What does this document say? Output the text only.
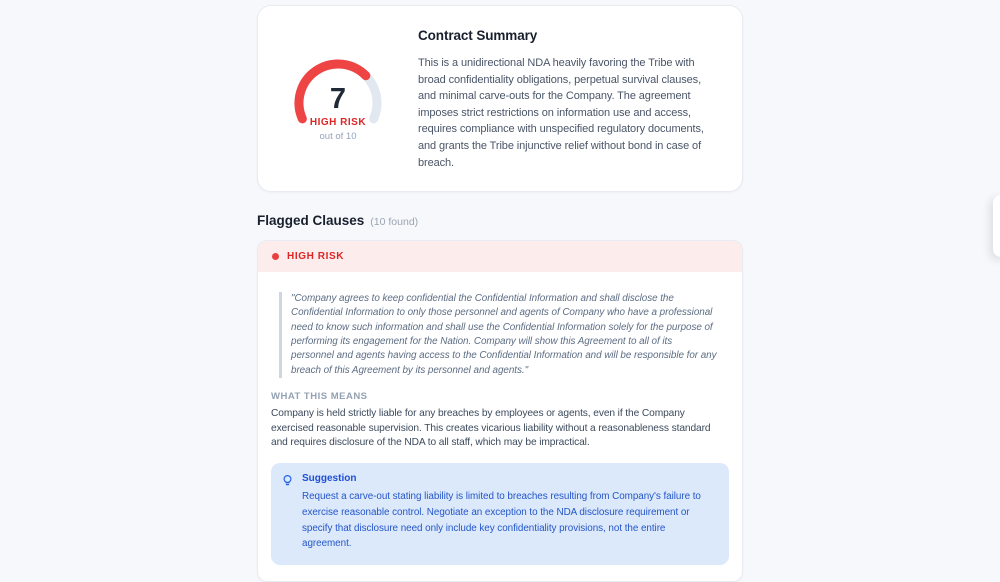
7
HIGH RISK
out of 10
Contract Summary
This is a unidirectional NDA heavily favoring the Tribe with broad confidentiality obligations, perpetual survival clauses, and minimal carve-outs for the Company. The agreement imposes strict restrictions on information use and access, requires compliance with unspecified regulatory documents, and grants the Tribe injunctive relief without bond in case of breach.
Flagged Clauses (10 found)
HIGH RISK
"Company agrees to keep confidential the Confidential Information and shall disclose the Confidential Information to only those personnel and agents of Company who have a professional need to know such information and shall use the Confidential Information solely for the purpose of performing its engagement for the Nation. Company will show this Agreement to all of its personnel and agents having access to the Confidential Information and will be responsible for any breach of this Agreement by its personnel and agents."
WHAT THIS MEANS
Company is held strictly liable for any breaches by employees or agents, even if the Company exercised reasonable supervision. This creates vicarious liability without a reasonableness standard and requires disclosure of the NDA to all staff, which may be impractical.
Suggestion
Request a carve-out stating liability is limited to breaches resulting from Company's failure to exercise reasonable control. Negotiate an exception to the NDA disclosure requirement or specify that disclosure need only include key confidentiality provisions, not the entire agreement.
